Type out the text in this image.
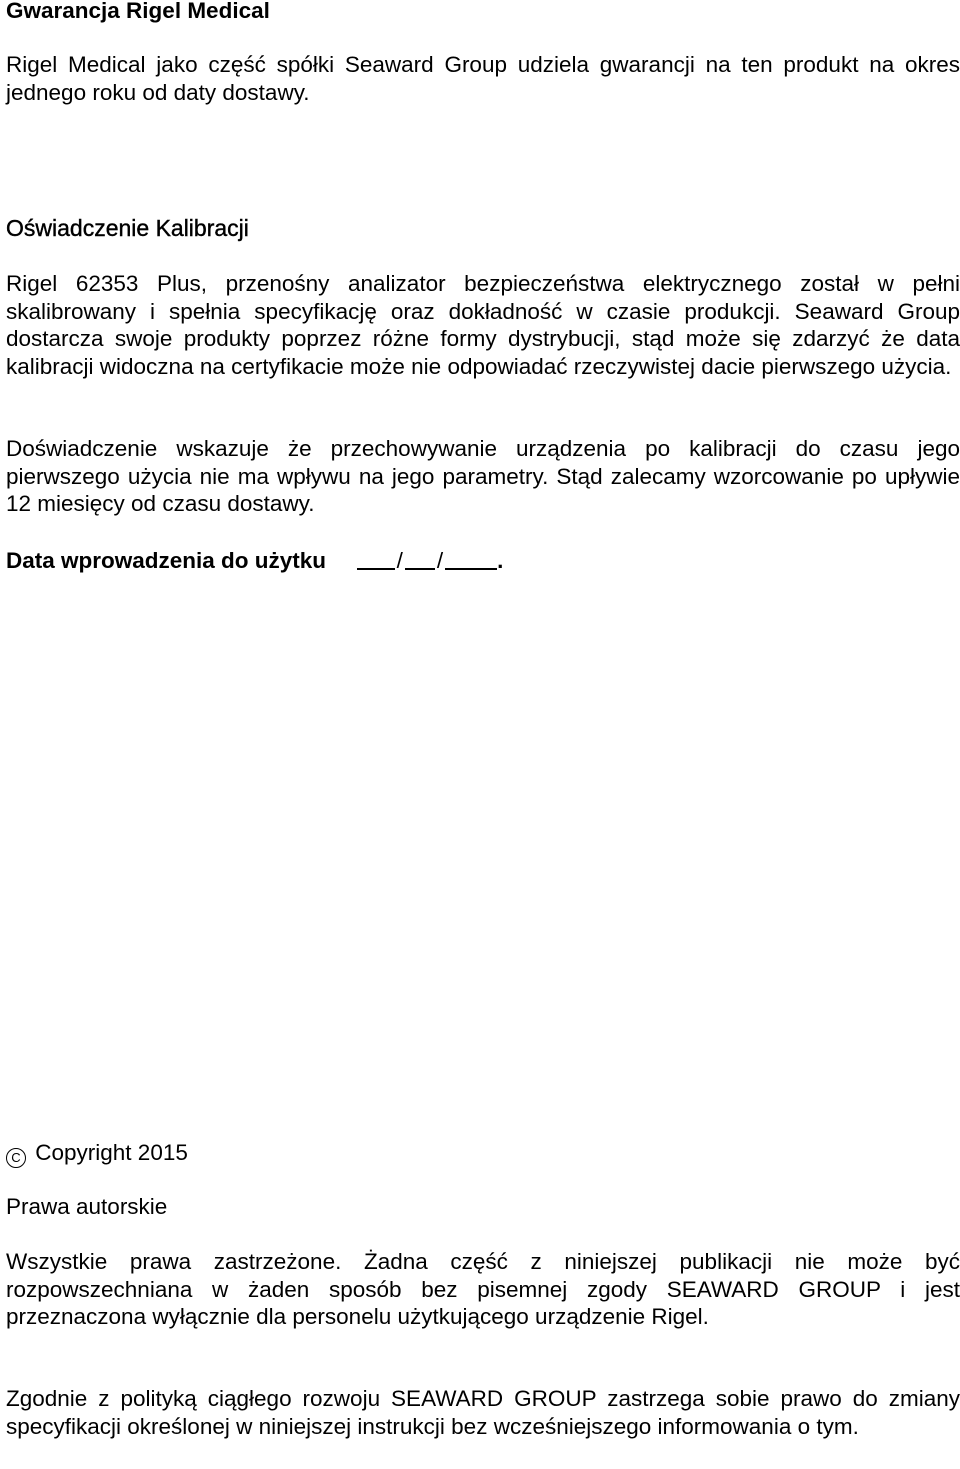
Gwarancja Rigel Medical

Rigel Medical jako część spółki Seaward Group udziela gwarancji na ten produkt na okres jednego roku od daty dostawy.

Oświadczenie Kalibracji

Rigel 62353 Plus, przenośny analizator bezpieczeństwa elektrycznego został w pełni skalibrowany i spełnia specyfikację oraz dokładność w czasie produkcji. Seaward Group dostarcza swoje produkty poprzez różne formy dystrybucji, stąd może się zdarzyć że data kalibracji widoczna na certyfikacie może nie odpowiadać rzeczywistej dacie pierwszego użycia.

Doświadczenie wskazuje że przechowywanie urządzenia po kalibracji do czasu jego pierwszego użycia nie ma wpływu na jego parametry. Stąd zalecamy wzorcowanie po upływie 12 miesięcy od czasu dostawy.

Data wprowadzenia do użytku	/ / .

C Copyright 2015

Prawa autorskie

Wszystkie prawa zastrzeżone. Żadna część z niniejszej publikacji nie może być rozpowszechniana w żaden sposób bez pisemnej zgody SEAWARD GROUP i jest przeznaczona wyłącznie dla personelu użytkującego urządzenie Rigel.

Zgodnie z polityką ciągłego rozwoju SEAWARD GROUP zastrzega sobie prawo do zmiany specyfikacji określonej w niniejszej instrukcji bez wcześniejszego informowania o tym.
